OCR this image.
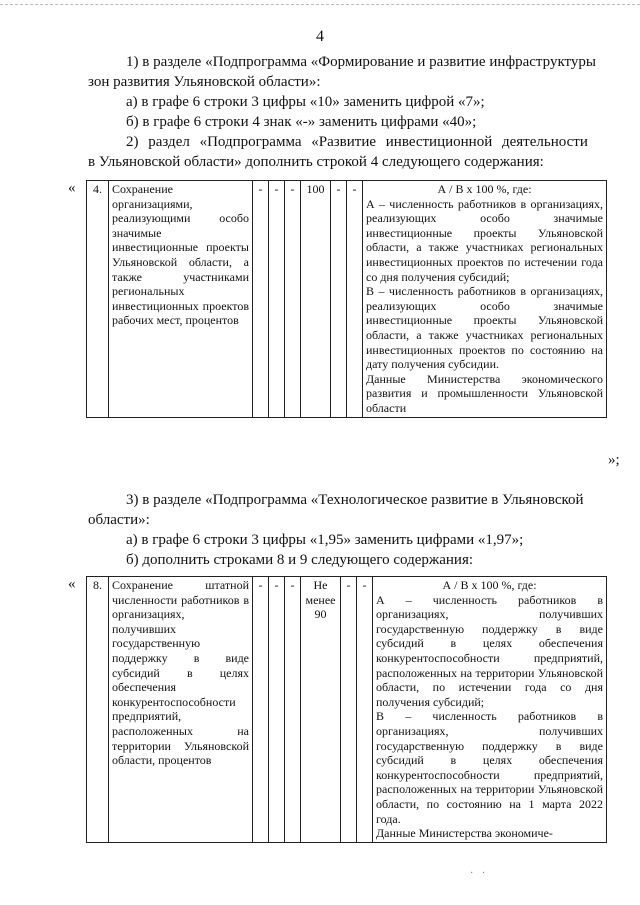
4
1) в разделе «Подпрограмма «Формирование и развитие инфраструктуры
зон развития Ульяновской области»:
а) в графе 6 строки 3 цифры «10» заменить цифрой «7»;
б) в графе 6 строки 4 знак «-» заменить цифрами «40»;
2) раздел «Подпрограмма «Развитие инвестиционной деятельности
в Ульяновской области» дополнить строкой 4 следующего содержания:
« 4.	Сохранение организациями, реализующими особо значимые инвестиционные проекты Ульяновской области, а также участниками региональных инвестиционных проектов рабочих мест, процентов	-	-	-	100	-	-	А / В х 100 %, где:
А – численность работников в организациях, реализующих особо значимые инвестиционные проекты Ульяновской области, а также участниках региональных инвестиционных проектов по истечении года со дня получения субсидий;
В – численность работников в организациях, реализующих особо значимые инвестиционные проекты Ульяновской области, а также участниках региональных инвестиционных проектов по состоянию на дату получения субсидии.
Данные Министерства экономического развития и промышленности Ульяновской области
»;
3) в разделе «Подпрограмма «Технологическое развитие в Ульяновской
области»:
а) в графе 6 строки 3 цифры «1,95» заменить цифрами «1,97»;
б) дополнить строками 8 и 9 следующего содержания:
« 8.	Сохранение штатной численности работников в организациях, получивших государственную поддержку в виде субсидий в целях обеспечения конкурентоспособности предприятий, расположенных на территории Ульяновской области, процентов	-	-	-	Не менее 90	-	-	А / В х 100 %, где:
А – численность работников в организациях, получивших государственную поддержку в виде субсидий в целях обеспечения конкурентоспособности предприятий, расположенных на территории Ульяновской области, по истечении года со дня получения субсидий;
В – численность работников в организациях, получивших государственную поддержку в виде субсидий в целях обеспечения конкурентоспособности предприятий, расположенных на территории Ульяновской области, по состоянию на 1 марта 2022 года.
Данные Министерства экономиче-
· ·
